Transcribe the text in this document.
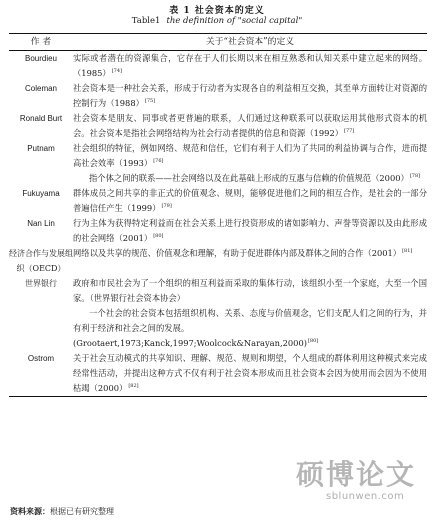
表 1 社会资本的定义
Table1 the definition of "social capital"
作 者	关于“社会资本”的定义
Bourdieu	实际或者潜在的资源集合，它存在于人们长期以来在相互熟悉和认知关系中建立起来的网络。（1985）[74]

Coleman	社会资本是一种社会关系，形成于行动者为实现各自的利益相互交换，其至单方面转让对资源的控制行为（1988）[75]

Ronald Burt	社会资本是朋友、同事或者更普遍的联系，人们通过这种联系可以获取运用其他形式资本的机会。社会资本是指社会网络结构为社会行动者提供的信息和资源（1992）[77]

Putnam	社会组织的特征，例如网络、规范和信任，它们有利于人们为了共同的利益协调与合作，进而提高社会效率（1993）[76]
指个体之间的联系——社会网络以及在此基础上形成的互惠与信赖的价值规范（2000）[78]

Fukuyama	群体成员之间共享的非正式的价值观念、规则，能够促进他们之间的相互合作，是社会的一部分普遍信任产生（1999）[79]

Nan Lin	行为主体为获得特定利益而在社会关系上进行投资形成的诸如影响力、声誉等资源以及由此形成的社会网络（2001）[80]

经济合作与发展组织（OECD）	网络以及共享的规范、价值观念和理解，有助于促进群体内部及群体之间的合作（2001）[81]

世界银行	政府和市民社会为了一个组织的相互利益而采取的集体行动，该组织小至一个家庭，大至一个国家。（世界银行社会资本协会）
一个社会的社会资本包括组织机构、关系、态度与价值观念，它们支配人们之间的行为，并有利于经济和社会之间的发展。
(Grootaert,1973;Kanck,1997;Woolcock&Narayan,2000)[80]

Ostrom	关于社会互动模式的共享知识、理解、规范、规则和期望，个人组成的群体利用这种模式来完成经常性活动，并提出这种方式不仅有利于社会资本形成而且社会资本会因为使用而会因为不使用枯竭（2000）[82]
资料来源：根据已有研究整理
硕博论文
sblunwen.com
